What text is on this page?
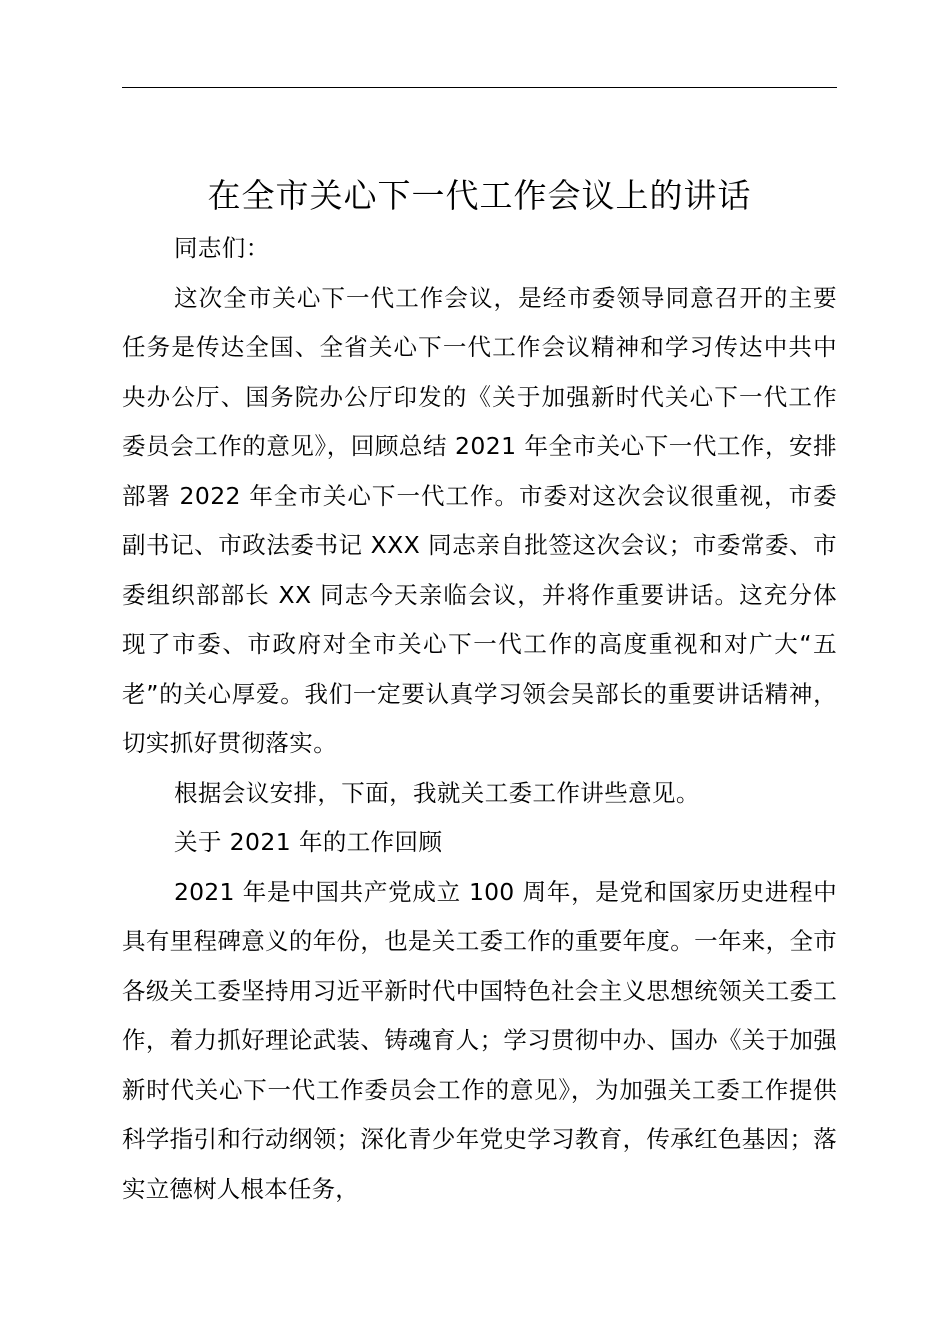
在全市关心下一代工作会议上的讲话

同志们：

这次全市关心下一代工作会议，是经市委领导同意召开的主要任务是传达全国、全省关心下一代工作会议精神和学习传达中共中央办公厅、国务院办公厅印发的《关于加强新时代关心下一代工作委员会工作的意见》，回顾总结 2021 年全市关心下一代工作，安排部署 2022 年全市关心下一代工作。市委对这次会议很重视，市委副书记、市政法委书记 XXX 同志亲自批签这次会议；市委常委、市委组织部部长 XX 同志今天亲临会议，并将作重要讲话。这充分体现了市委、市政府对全市关心下一代工作的高度重视和对广大“五老”的关心厚爱。我们一定要认真学习领会吴部长的重要讲话精神，切实抓好贯彻落实。

根据会议安排，下面，我就关工委工作讲些意见。

关于 2021 年的工作回顾

2021 年是中国共产党成立 100 周年，是党和国家历史进程中具有里程碑意义的年份，也是关工委工作的重要年度。一年来，全市各级关工委坚持用习近平新时代中国特色社会主义思想统领关工委工作，着力抓好理论武装、铸魂育人；学习贯彻中办、国办《关于加强新时代关心下一代工作委员会工作的意见》，为加强关工委工作提供科学指引和行动纲领；深化青少年党史学习教育，传承红色基因；落实立德树人根本任务，
